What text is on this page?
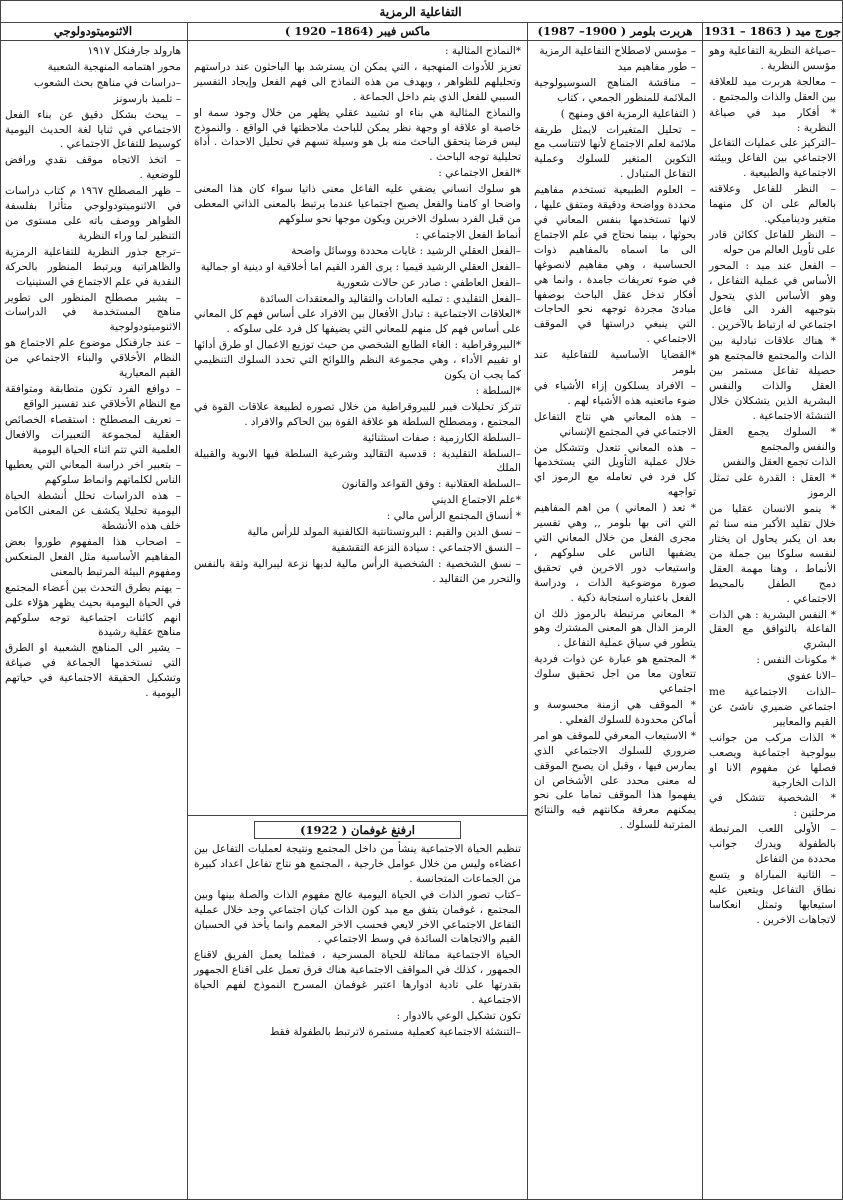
التفاعلية الرمزية
جورج ميد ( 1863 – 1931
هربرت بلومر ( 1900– 1987)
ماكس فيبر (1864– 1920 )
الاثنوميتودولوجي

–صياغة النظرية التفاعلية وهو مؤسس النظرية .

– معالجة هربرت ميد للعلاقة بين العقل والذات والمجتمع .

* أفكار ميد في صياغة النظرية :

–التركيز على عمليات التفاعل الاجتماعي بين الفاعل وبيئته الاجتماعية والطبيعية .

– النظر للفاعل وعلاقته بالعالم على ان كل منهما متغير وديناميكي.

– النظر للفاعل ككائن قادر على تأويل العالم من حوله

– الفعل عند ميد : المحور الأساس في عملية التفاعل ، وهو الأساس الذي يتحول بتوجيهه الفرد الى فاعل اجتماعي له ارتباط بالآخرين .

* هناك علاقات تبادلية بين الذات والمجتمع فالمجتمع هو حصيلة تفاعل مستمر بين العقل والذات والنفس البشرية الذين يتشكلان خلال التنشئة الاجتماعية .

* السلوك يجمع العقل والنفس والمجتمع

الذات تجمع العقل والنفس

* العقل : القدرة على تمثل الرموز

* ينمو الانسان عقليا من خلال تقليد الأكبر منه سنا ثم بعد ان يكبر يحاول ان يختار لنفسه سلوكا بين جملة من الأنماط ، وهنا مهمة العقل دمج الطفل بالمحيط الاجتماعي .

* النفس البشرية : هي الذات الفاعلة بالتوافق مع العقل البشري

* مكونات النفس :

–الانا عفوي

–الذات الاجتماعية me اجتماعي ضميري ناشئ عن القيم والمعايير

* الذات مركب من جوانب بيولوجية اجتماعية ويصعب فصلها عن مفهوم الانا او الذات الخارجية

* الشخصية تتشكل في مرحلتين :

– الأولى اللعب المرتبطة بالطفولة ويدرك جوانب محددة من التفاعل

– الثانية المباراة و يتسع نطاق التفاعل ويتعين عليه استيعابها وتمثل انعكاسا لاتجاهات الاخرين .

– مؤسس لاصطلاح التفاعلية الرمزية

– طور مفاهيم ميد

– مناقشة المناهج السوسيولوجية الملائمة للمنظور الجمعي ، كتاب

( التفاعلية الرمزية افق ومنهج )

– تحليل المتغيرات لايمثل طريقة ملائمة لعلم الاجتماع لأنها لاتتناسب مع التكوين المتغير للسلوك وعملية التفاعل المتبادل .

– العلوم الطبيعية تستخدم مفاهيم محددة وواضحة ودقيقة ومتفق عليها ، لانها تستخدمها بنفس المعاني في بحوثها ، بينما نحتاج في علم الاجتماع الى ما اسماه بالمفاهيم ذوات الحساسية ، وهي مفاهيم لانصوغها في ضوء تعريفات جامدة ، وانما هي أفكار تدخل عقل الباحث بوصفها مبادئ مجردة توجهه نحو الحاجات التي ينبغي دراستها في الموقف الاجتماعي .

*القضايا الأساسية للتفاعلية عند بلومر

– الافراد يسلكون إزاء الأشياء في ضوء ماتعنيه هذه الأشياء لهم .

– هذه المعاني هي نتاج التفاعل الاجتماعي في المجتمع الإنساني

– هذه المعاني تتعدل وتتشكل من خلال عملية التأويل التي يستخدمها كل فرد في تعامله مع الرموز اي تواجهه

* تعد ( المعاني ) من اهم المفاهيم التي اتى بها بلومر ,, وهي تفسير مجرى الفعل من خلال المعاني التي يضفيها الناس على سلوكهم ، واستيعاب دور الاخرين في تحقيق صورة موضوعية الذات ، ودراسة الفعل باعتباره استجابة ذكية .

* المعاني مرتبطة بالرموز ذلك ان الرمز الدال هو المعنى المشترك وهو يتطور في سياق عملية التفاعل .

* المجتمع هو عبارة عن ذوات فردية تتعاون معا من اجل تحقيق سلوك اجتماعي

* الموقف هي ازمنة محسوسة و أماكن محدودة للسلوك الفعلي .

* الاستيعاب المعرفي للموقف هو امر ضروري للسلوك الاجتماعي الذي يمارس فيها ، وقبل ان يصبح الموقف له معنى محدد على الأشخاص ان يفهموا هذا الموقف تماما على نحو يمكنهم معرفة مكانتهم فيه والنتائج المترتبة للسلوك .

*النماذج المثالية :

تعزيز للأدوات المنهجية ، التي يمكن ان يسترشد بها الباحثون عند دراستهم وتحليلهم للظواهر ، ويهدف من هذه النماذج الى فهم الفعل وإيجاد التفسير السببي للفعل الذي يتم داخل الجماعة .

والنماذج المثالية هي بناء او تشييد عقلي يظهر من خلال وجود سمة او خاصية او علاقة او وجهة نظر يمكن للباحث ملاحظتها في الواقع . والنموذج ليس فرضا يتحقق الباحث منه بل هو وسيلة تسهم في تحليل الاحداث . أداة تحليلية توجه الباحث .

*الفعل الاجتماعي :

هو سلوك انساني يضفي عليه الفاعل معنى ذاتيا سواء كان هذا المعنى واضحا او كامنا والفعل يصبح اجتماعيا عندما يرتبط بالمعنى الذاتي المعطى من قبل الفرد بسلوك الاخرين ويكون موجها نحو سلوكهم

أنماط الفعل الاجتماعي :

–الفعل العقلي الرشيد : غايات محددة ووسائل واضحة

–الفعل العقلي الرشيد قيميا : يرى الفرد القيم اما أخلاقية او دينية او جمالية

–الفعل العاطفي : صادر عن حالات شعورية

–الفعل التقليدي : تمليه العادات والتقاليد والمعتقدات السائدة

*العلاقات الاجتماعية : تبادل الأفعال بين الافراد على أساس فهم كل المعاني على أساس فهم كل منهم للمعاني التي يضيفها كل فرد على سلوكه .

*البيروقراطية : الغاء الطابع الشخصي من حيث توزيع الاعمال او طرق أدائها او تقييم الأداء ، وهي مجموعة النظم واللوائح التي تحدد السلوك التنظيمي كما يجب ان يكون

*السلطة :

تتركز تحليلات فيبر للبيروقراطية من خلال تصوره لطبيعة علاقات القوة في المجتمع ، ومصطلح السلطة هو علاقة القوة بين الحاكم والافراد .

–السلطة الكارزمية : صفات استثنائية

–السلطة التقليدية : قدسية التقاليد وشرعية السلطة فيها الابوية والقبيلة الملك

–السلطة العقلانية : وفق القواعد والقانون

*علم الاجتماع الديني

* أنساق المجتمع الرأس مالي :

– نسق الدين والقيم : البروتستانتية الكالفنية المولد للرأس مالية

– النسق الاجتماعي : سيادة النزعة التقشفية

– نسق الشخصية : الشخصية الرأس مالية لديها نزعة ليبرالية وثقة بالنفس والتحرر من التقاليد .

ارفنغ غوفمان ( 1922)

تنظيم الحياة الاجتماعية ينشأ من داخل المجتمع ونتيجة لعمليات التفاعل بين اعضاءه وليس من خلال عوامل خارجية ، المجتمع هو نتاج تفاعل اعداد كبيرة من الجماعات المتجانسة .

–كتاب تصور الذات في الحياة اليومية عالج مفهوم الذات والصلة بينها وبين المجتمع ، غوفمان يتفق مع ميد كون الذات كيان اجتماعي وجد خلال عملية التفاعل الاجتماعي الاخر لايعي فحسب الاخر المعمم وانما يأخذ في الحسبان القيم والاتجاهات السائدة في وسط الاجتماعي .

الحياة الاجتماعية مماثلة للحياة المسرحية ، فمثلما يعمل الفريق لاقناع الجمهور ، كذلك في المواقف الاجتماعية هناك فرق تعمل على اقناع الجمهور بقدرتها على تادية ادوارها اعتبر غوفمان المسرح النموذج لفهم الحياة الاجتماعية .

تكون تشكيل الوعي بالادوار :

–التنشئة الاجتماعية كعملية مستمرة لاترتبط بالطفولة فقط

هارولد جارفنكل ١٩١٧

محور اهتمامه المنهجية الشعبية

–دراسات في مناهج بحث الشعوب

– تلميذ بارسونز

– يبحث بشكل دقيق عن بناء الفعل الاجتماعي في ثنايا لغة الحديث اليومية كوسيط للتفاعل الاجتماعي .

– اتخذ الاتجاه موقف نقدي ورافض للوضعية .

– ظهر المصطلح ١٩٦٧ م كتاب دراسات في الاثنوميتودولوجي متأثرا بفلسفة الظواهر ووصف باته على مستوى من التنظير لما وراء النظرية

–ترجع جذور النظرية للتفاعلية الرمزية والظاهراتية ويرتبط المنظور بالحركة النقدية في علم الاجتماع في الستينيات

– يشير مصطلح المنظور الى تطوير مناهج المستخدمة في الدراسات الاثنوميتودولوجية

– عند جارفنكل موضوع علم الاجتماع هو النظام الأخلاقي والبناء الاجتماعي من القيم المعيارية

– دوافع الفرد تكون متطابقة ومتوافقة مع النظام الأخلاقي عند تفسير الواقع

– تعريف المصطلح : استقصاء الخصائص العقلية لمجموعة التعبيرات والافعال العلمية التي تتم اثناء الحياة اليومية

– بتعبير اخر دراسة المعاني التي يعطيها الناس لكلماتهم وانماط سلوكهم

– هذه الدراسات تحلل أنشطة الحياة اليومية تحليلا يكشف عن المعنى الكامن خلف هذه الأنشطة

– اصحاب هذا المفهوم طوروا بعض المفاهيم الأساسية مثل الفعل المنعكس ومفهوم البيئة المرتبط بالمعنى

– يهتم بطرق التحدث بين أعضاء المجتمع في الحياة اليومية بحيث يظهر هؤلاء على انهم كائنات اجتماعية توجه سلوكهم مناهج عقلية رشيدة

– يشير الى المناهج الشعبية او الطرق التي تستخدمها الجماعة في صياغة وتشكيل الحقيقة الاجتماعية في حياتهم اليومية .
